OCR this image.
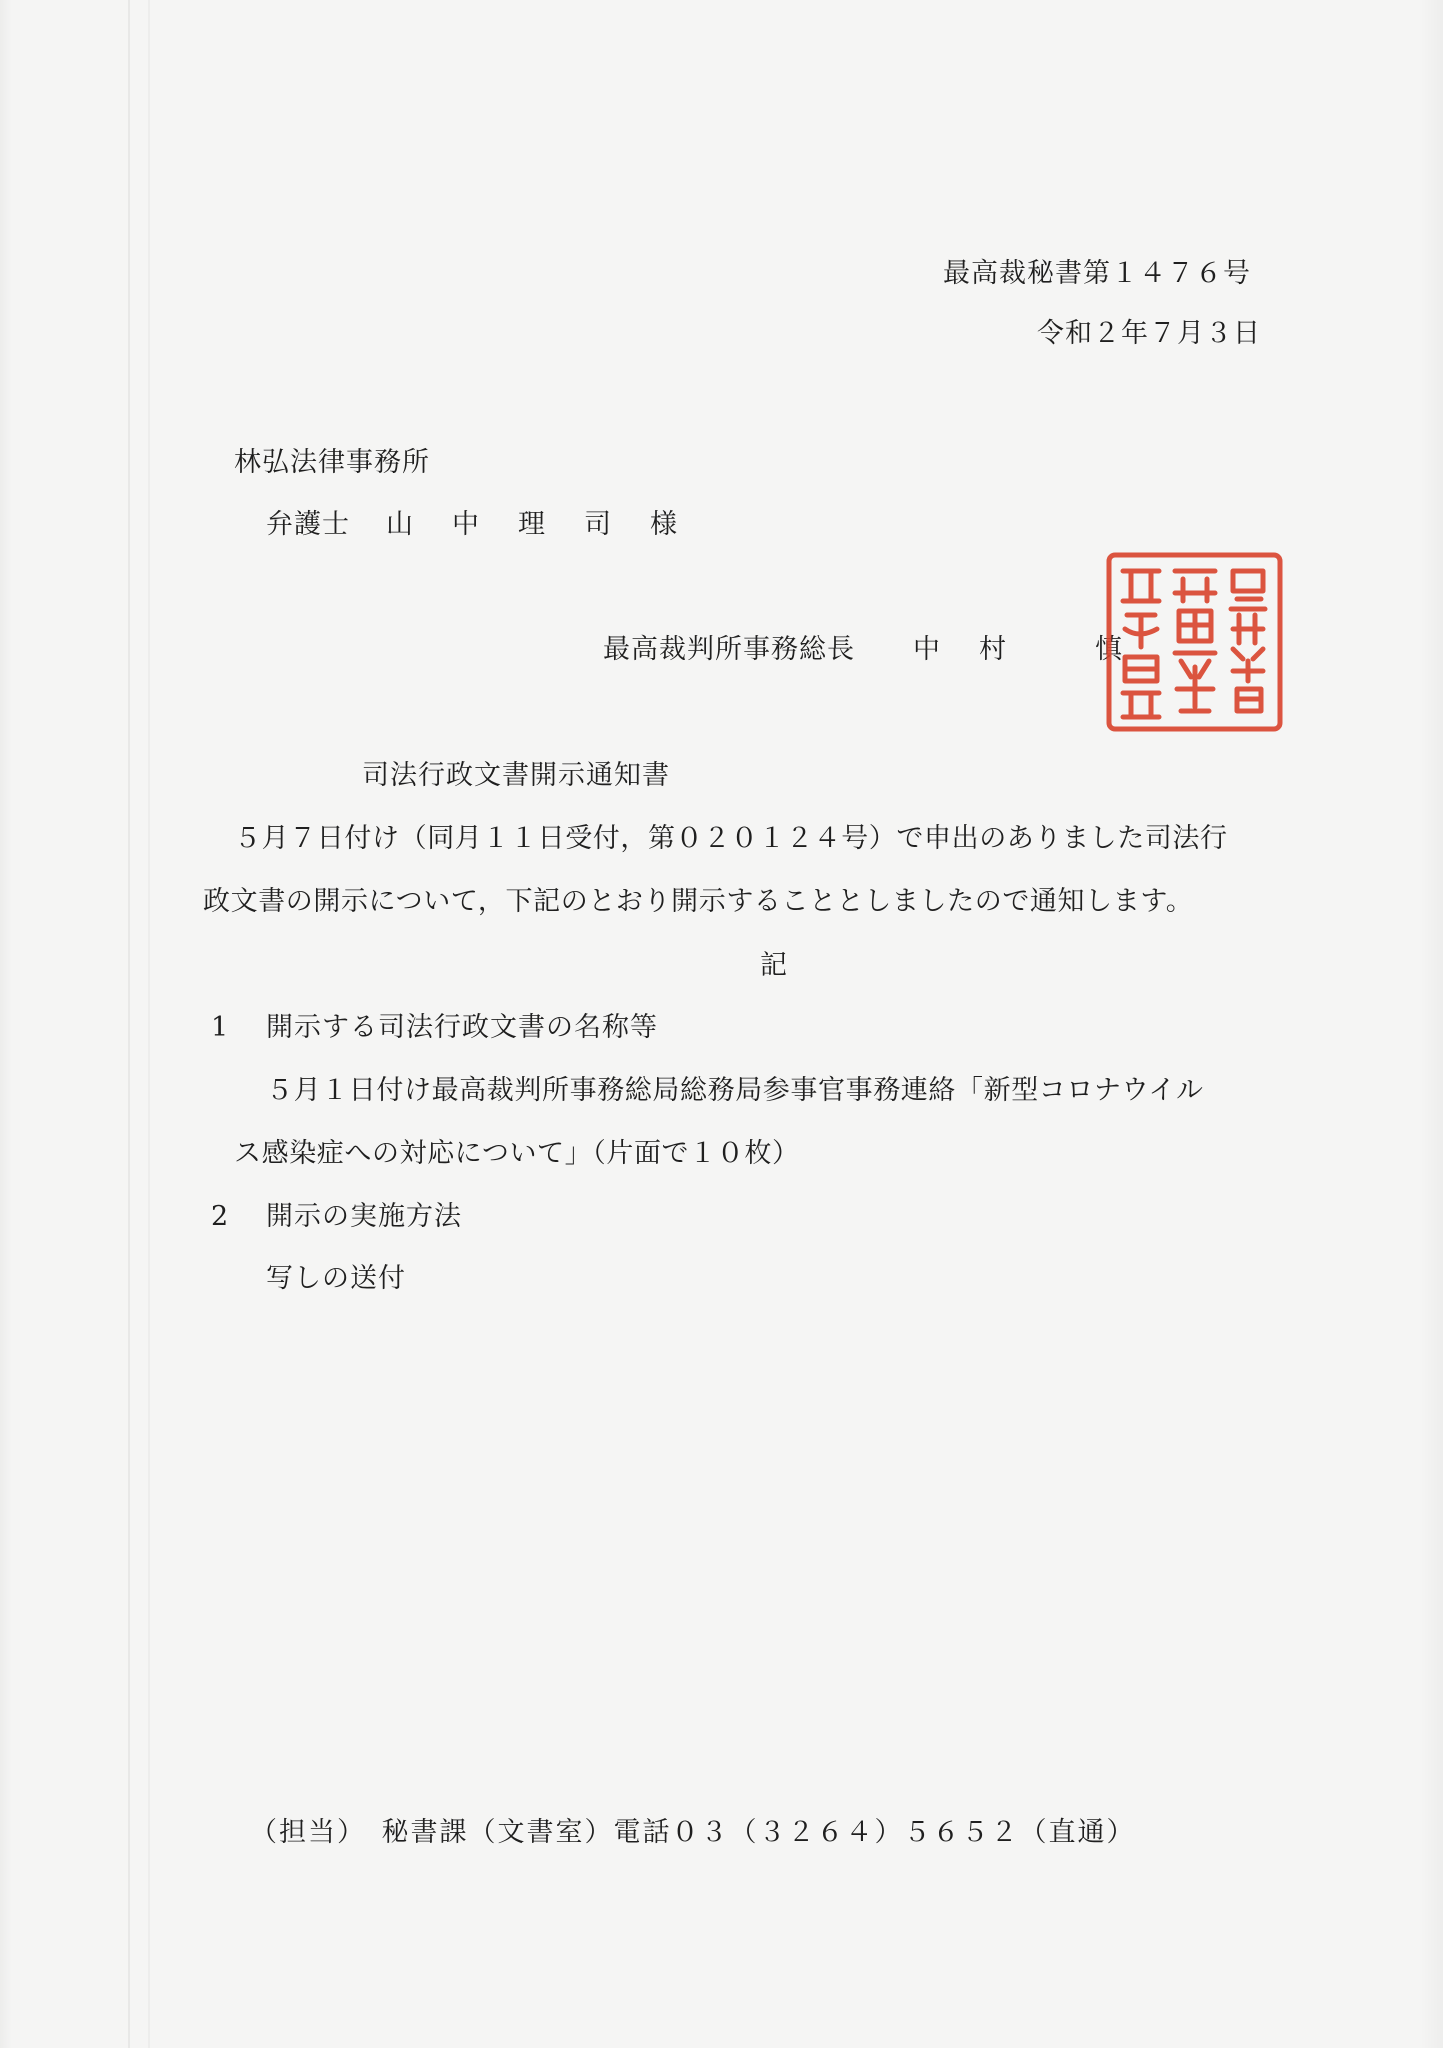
最高裁秘書第１４７６号
令和２年７月３日
林弘法律事務所
弁護士 山　中　理　司　様
最高裁判所事務総長 中　村	慎
司法行政文書開示通知書
５月７日付け（同月１１日受付，第０２０１２４号）で申出のありました司法行
政文書の開示について，下記のとおり開示することとしましたので通知します。
記
1 開示する司法行政文書の名称等
５月１日付け最高裁判所事務総局総務局参事官事務連絡「新型コロナウイル
ス感染症への対応について」（片面で１０枚）
2 開示の実施方法
写しの送付
（担当）　秘書課（文書室）電話０３（３２６４）５６５２（直通）
